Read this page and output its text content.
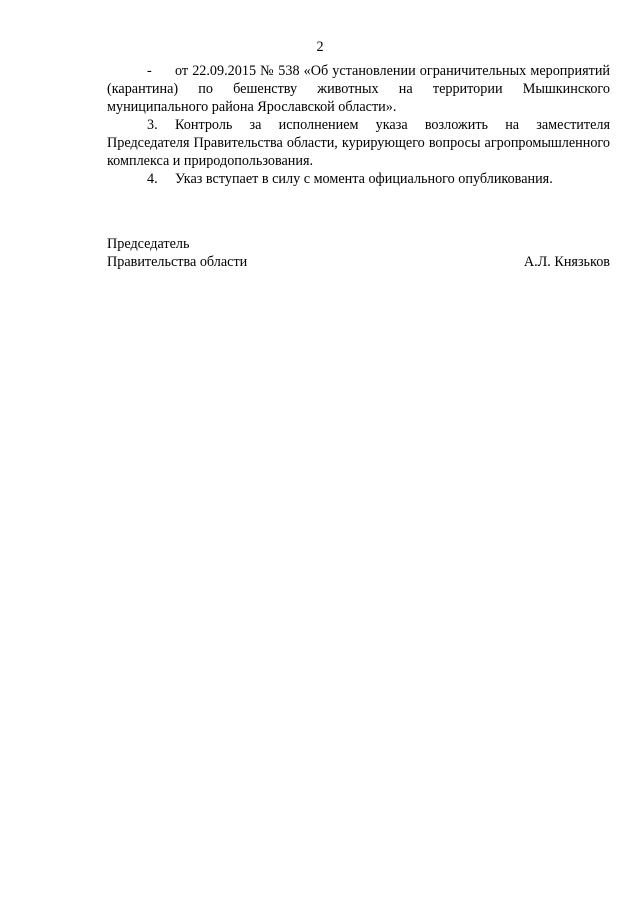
2

- от 22.09.2015 № 538 «Об установлении ограничительных мероприятий (карантина) по бешенству животных на территории Мышкинского муниципального района Ярославской области».

3. Контроль за исполнением указа возложить на заместителя Председателя Правительства области, курирующего вопросы агропромышленного комплекса и природопользования.

4. Указ вступает в силу с момента официального опубликования.

Председатель
Правительства области	А.Л. Князьков
